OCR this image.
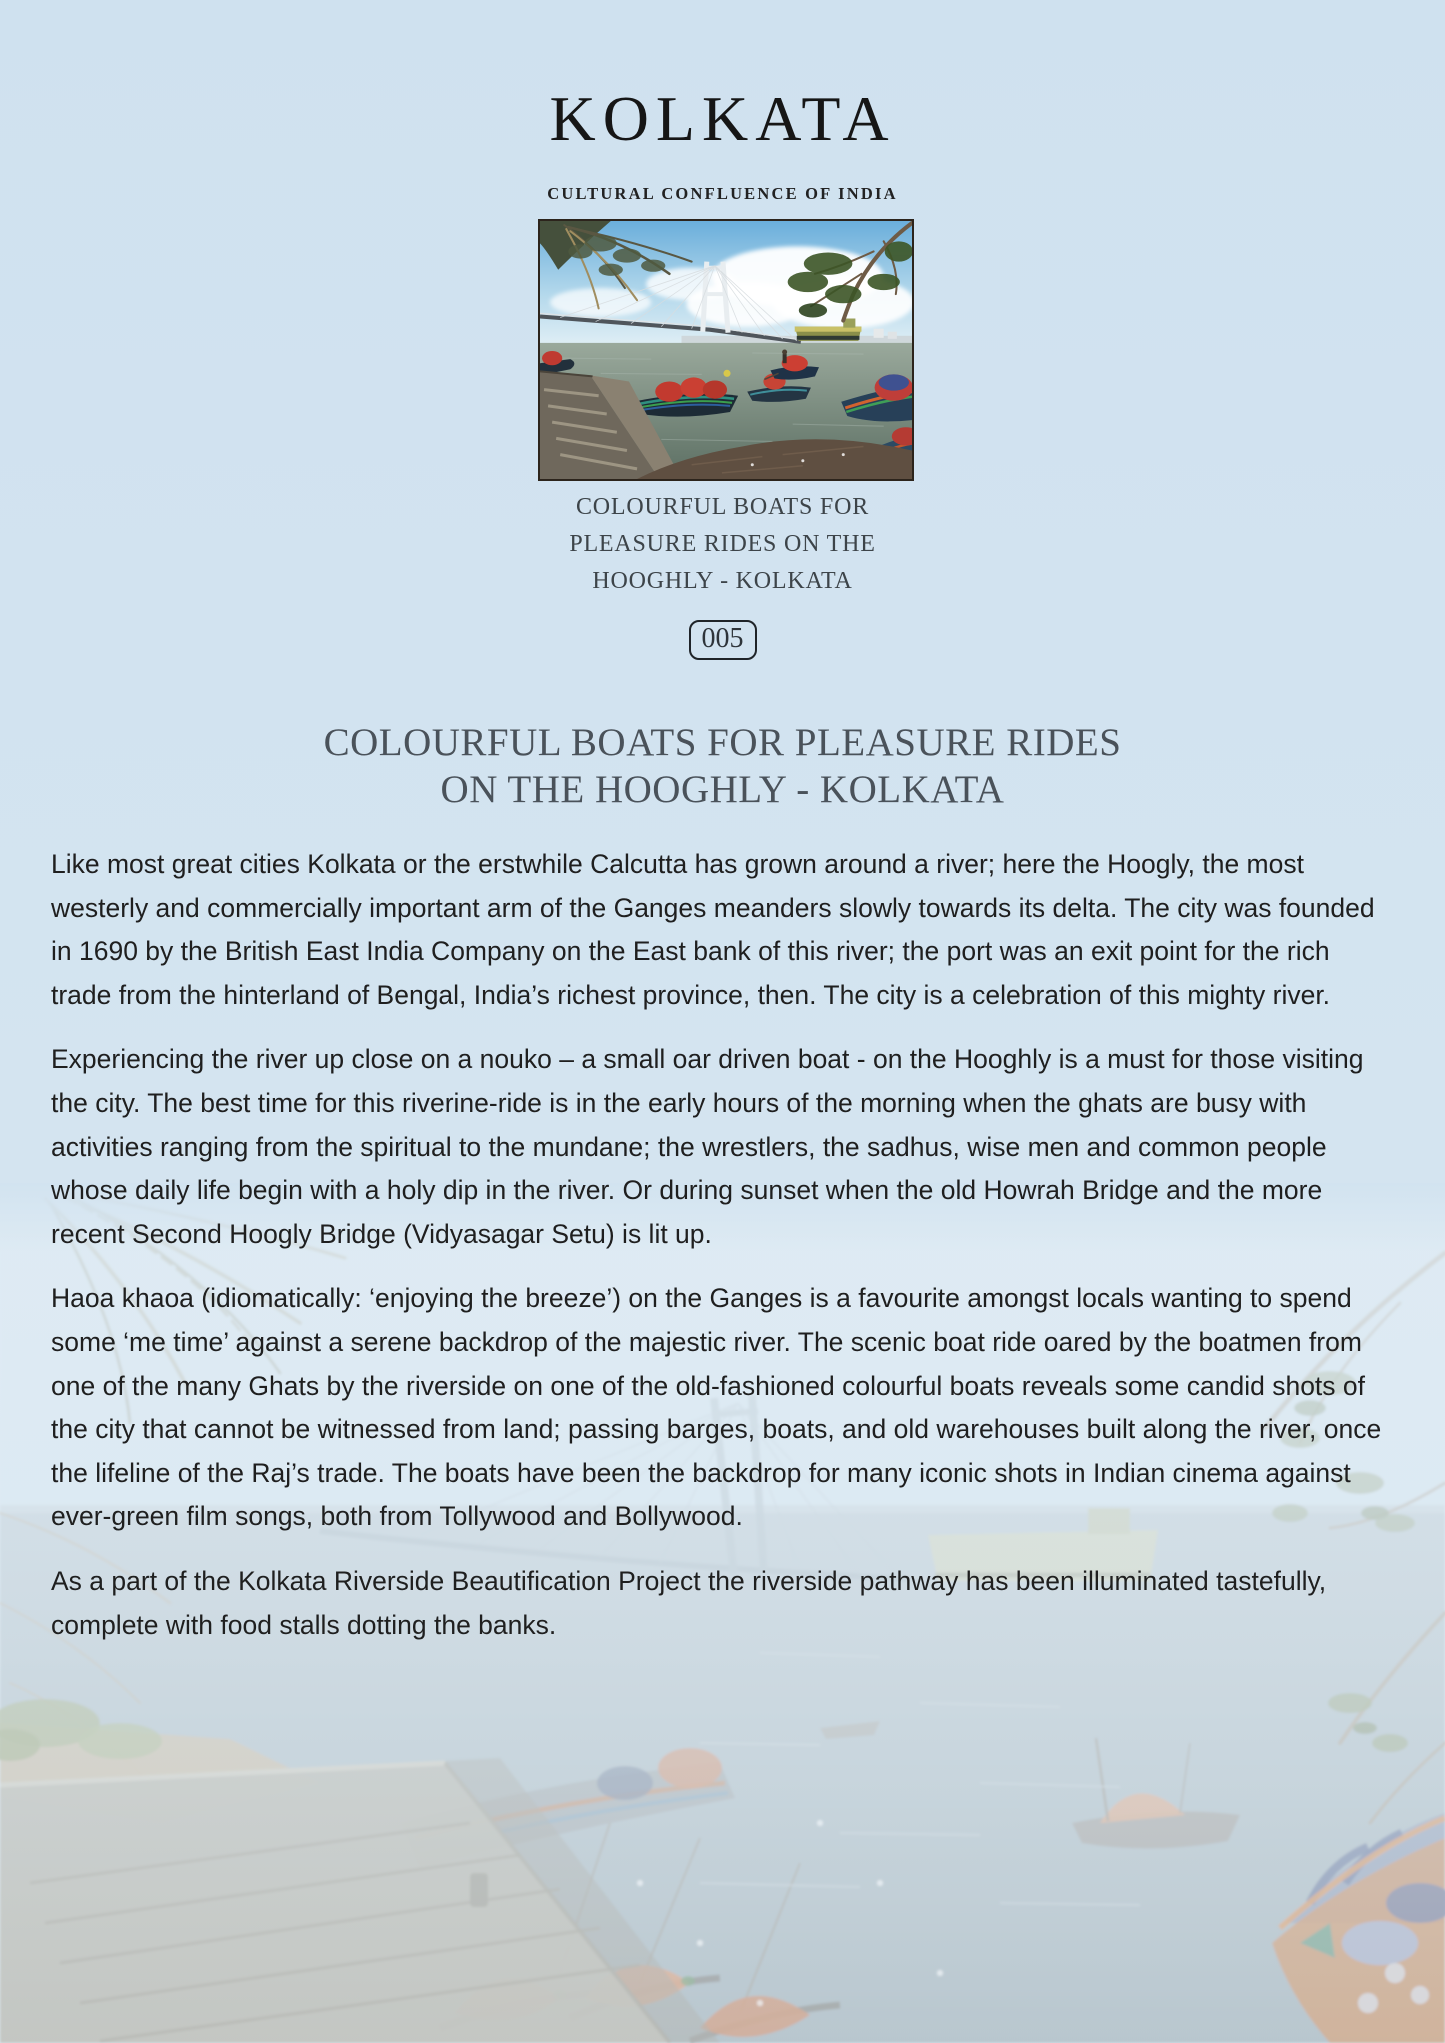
KOLKATA
CULTURAL CONFLUENCE OF INDIA
COLOURFUL BOATS FOR
PLEASURE RIDES ON THE
HOOGHLY - KOLKATA
005
COLOURFUL BOATS FOR PLEASURE RIDES
ON THE HOOGHLY - KOLKATA

Like most great cities Kolkata or the erstwhile Calcutta has grown around a river; here the Hoogly, the most westerly and commercially important arm of the Ganges meanders slowly towards its delta. The city was founded in 1690 by the British East India Company on the East bank of this river; the port was an exit point for the rich trade from the hinterland of Bengal, India’s richest province, then. The city is a celebration of this mighty river.

Experiencing the river up close on a nouko – a small oar driven boat - on the Hooghly is a must for those visiting the city. The best time for this riverine-ride is in the early hours of the morning when the ghats are busy with activities ranging from the spiritual to the mundane; the wrestlers, the sadhus, wise men and common people whose daily life begin with a holy dip in the river. Or during sunset when the old Howrah Bridge and the more recent Second Hoogly Bridge (Vidyasagar Setu) is lit up.

Haoa khaoa (idiomatically: ‘enjoying the breeze’) on the Ganges is a favourite amongst locals wanting to spend some ‘me time’ against a serene backdrop of the majestic river. The scenic boat ride oared by the boatmen from one of the many Ghats by the riverside on one of the old-fashioned colourful boats reveals some candid shots of the city that cannot be witnessed from land; passing barges, boats, and old warehouses built along the river, once the lifeline of the Raj’s trade. The boats have been the backdrop for many iconic shots in Indian cinema against ever-green film songs, both from Tollywood and Bollywood.

As a part of the Kolkata Riverside Beautification Project the riverside pathway has been illuminated tastefully, complete with food stalls dotting the banks.
